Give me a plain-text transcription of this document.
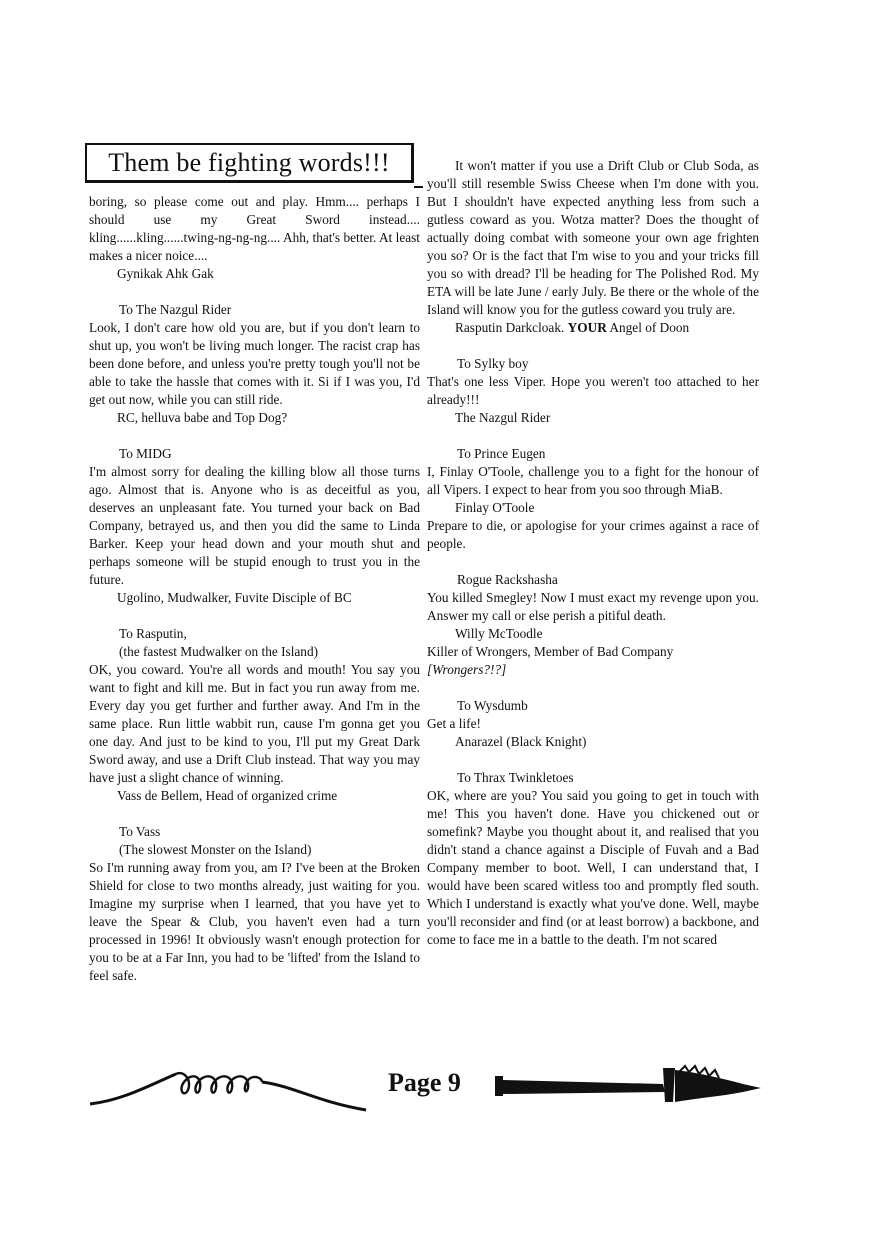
Them be fighting words!!!

boring, so please come out and play. Hmm.... perhaps I should use my Great Sword instead.... kling......kling......twing-ng-ng-ng.... Ahh, that's better. At least makes a nicer noice....

Gynikak Ahk Gak

To The Nazgul Rider

Look, I don't care how old you are, but if you don't learn to shut up, you won't be living much longer. The racist crap has been done before, and unless you're pretty tough you'll not be able to take the hassle that comes with it. Si if I was you, I'd get out now, while you can still ride.

RC, helluva babe and Top Dog?

To MIDG

I'm almost sorry for dealing the killing blow all those turns ago. Almost that is. Anyone who is as deceitful as you, deserves an unpleasant fate. You turned your back on Bad Company, betrayed us, and then you did the same to Linda Barker. Keep your head down and your mouth shut and perhaps someone will be stupid enough to trust you in the future.

Ugolino, Mudwalker, Fuvite Disciple of BC

To Rasputin,

(the fastest Mudwalker on the Island)

OK, you coward. You're all words and mouth! You say you want to fight and kill me. But in fact you run away from me. Every day you get further and further away. And I'm in the same place. Run little wabbit run, cause I'm gonna get you one day. And just to be kind to you, I'll put my Great Dark Sword away, and use a Drift Club instead. That way you may have just a slight chance of winning.

Vass de Bellem, Head of organized crime

To Vass

(The slowest Monster on the Island)

So I'm running away from you, am I? I've been at the Broken Shield for close to two months already, just waiting for you. Imagine my surprise when I learned, that you have yet to leave the Spear & Club, you haven't even had a turn processed in 1996! It obviously wasn't enough protection for you to be at a Far Inn, you had to be 'lifted' from the Island to feel safe.

It won't matter if you use a Drift Club or Club Soda, as you'll still resemble Swiss Cheese when I'm done with you. But I shouldn't have expected anything less from such a gutless coward as you. Wotza matter? Does the thought of actually doing combat with someone your own age frighten you so? Or is the fact that I'm wise to you and your tricks fill you so with dread? I'll be heading for The Polished Rod. My ETA will be late June / early July. Be there or the whole of the Island will know you for the gutless coward you truly are.

Rasputin Darkcloak. YOUR Angel of Doon

To Sylky boy

That's one less Viper. Hope you weren't too attached to her already!!!

The Nazgul Rider

To Prince Eugen

I, Finlay O'Toole, challenge you to a fight for the honour of all Vipers. I expect to hear from you soo through MiaB.

Finlay O'Toole

Prepare to die, or apologise for your crimes against a race of people.

Rogue Rackshasha

You killed Smegley! Now I must exact my revenge upon you. Answer my call or else perish a pitiful death.

Willy McToodle

Killer of Wrongers, Member of Bad Company

[Wrongers?!?]

To Wysdumb

Get a life!

Anarazel (Black Knight)

To Thrax Twinkletoes

OK, where are you? You said you going to get in touch with me! This you haven't done. Have you chickened out or somefink? Maybe you thought about it, and realised that you didn't stand a chance against a Disciple of Fuvah and a Bad Company member to boot. Well, I can understand that, I would have been scared witless too and promptly fled south. Which I understand is exactly what you've done. Well, maybe you'll reconsider and find (or at least borrow) a backbone, and come to face me in a battle to the death. I'm not scared

Page 9
